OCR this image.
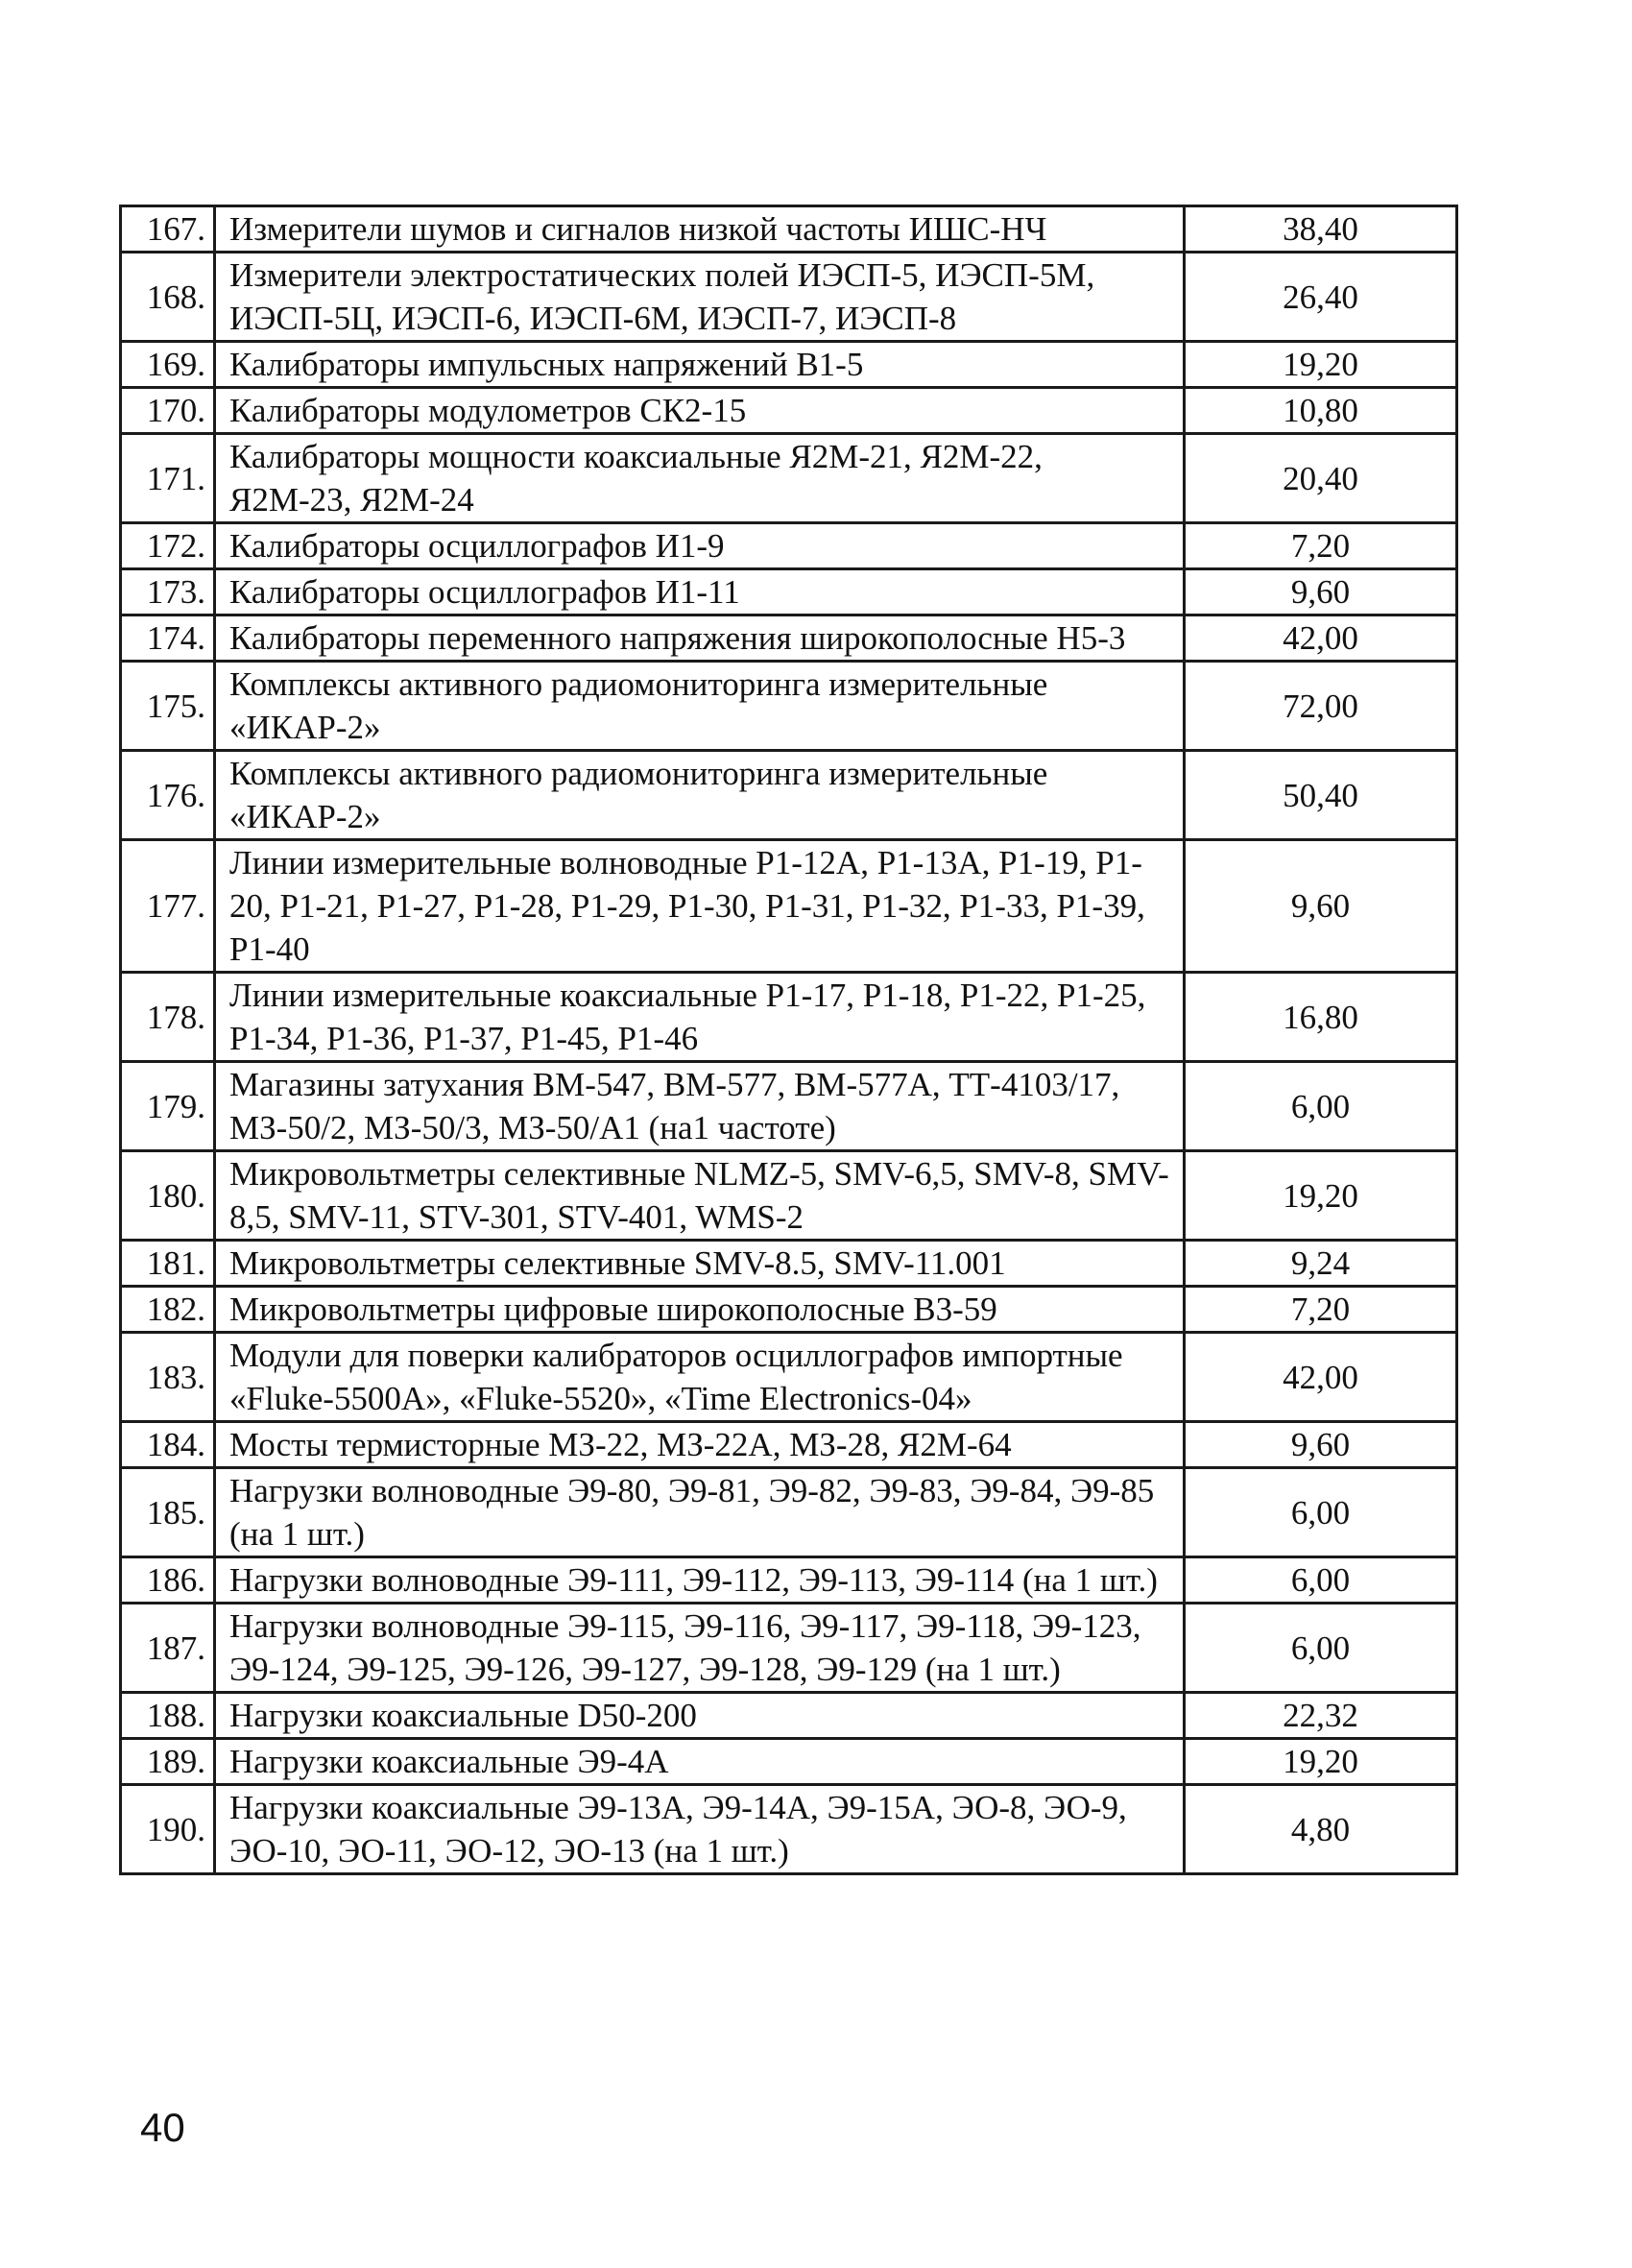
167.	Измерители шумов и сигналов низкой частоты ИШС-НЧ	38,40
168.	Измерители электростатических полей ИЭСП-5, ИЭСП-5М, ИЭСП-5Ц, ИЭСП-6, ИЭСП-6М, ИЭСП-7, ИЭСП-8	26,40
169.	Калибраторы импульсных напряжений В1-5	19,20
170.	Калибраторы модулометров СК2-15	10,80
171.	Калибраторы мощности коаксиальные Я2М-21, Я2М-22, Я2М-23, Я2М-24	20,40
172.	Калибраторы осциллографов И1-9	7,20
173.	Калибраторы осциллографов И1-11	9,60
174.	Калибраторы переменного напряжения широкополосные Н5-3	42,00
175.	Комплексы активного радиомониторинга измерительные «ИКАР-2»	72,00
176.	Комплексы активного радиомониторинга измерительные «ИКАР-2»	50,40
177.	Линии измерительные волноводные Р1-12А, Р1-13А, Р1-19, Р1-20, Р1-21, Р1-27, Р1-28, Р1-29, Р1-30, Р1-31, Р1-32, Р1-33, Р1-39, Р1-40	9,60
178.	Линии измерительные коаксиальные Р1-17, Р1-18, Р1-22, Р1-25, Р1-34, Р1-36, Р1-37, Р1-45, Р1-46	16,80
179.	Магазины затухания ВМ-547, ВМ-577, ВМ-577А, ТТ-4103/17, МЗ-50/2, МЗ-50/3, МЗ-50/А1 (на1 частоте)	6,00
180.	Микровольтметры селективные NLMZ-5, SMV-6,5, SMV-8, SMV-8,5, SMV-11, STV-301, STV-401, WMS-2	19,20
181.	Микровольтметры селективные SMV-8.5, SMV-11.001	9,24
182.	Микровольтметры цифровые широкополосные В3-59	7,20
183.	Модули для поверки калибраторов осциллографов импортные «Fluke-5500А», «Fluke-5520», «Time Electronics-04»	42,00
184.	Мосты термисторные МЗ-22, МЗ-22А, МЗ-28, Я2М-64	9,60
185.	Нагрузки волноводные Э9-80, Э9-81, Э9-82, Э9-83, Э9-84, Э9-85 (на 1 шт.)	6,00
186.	Нагрузки волноводные Э9-111, Э9-112, Э9-113, Э9-114 (на 1 шт.)	6,00
187.	Нагрузки волноводные Э9-115, Э9-116, Э9-117, Э9-118, Э9-123, Э9-124, Э9-125, Э9-126, Э9-127, Э9-128, Э9-129 (на 1 шт.)	6,00
188.	Нагрузки коаксиальные D50-200	22,32
189.	Нагрузки коаксиальные Э9-4А	19,20
190.	Нагрузки коаксиальные Э9-13А, Э9-14А, Э9-15А, ЭО-8, ЭО-9, ЭО-10, ЭО-11, ЭО-12, ЭО-13 (на 1 шт.)	4,80
40
